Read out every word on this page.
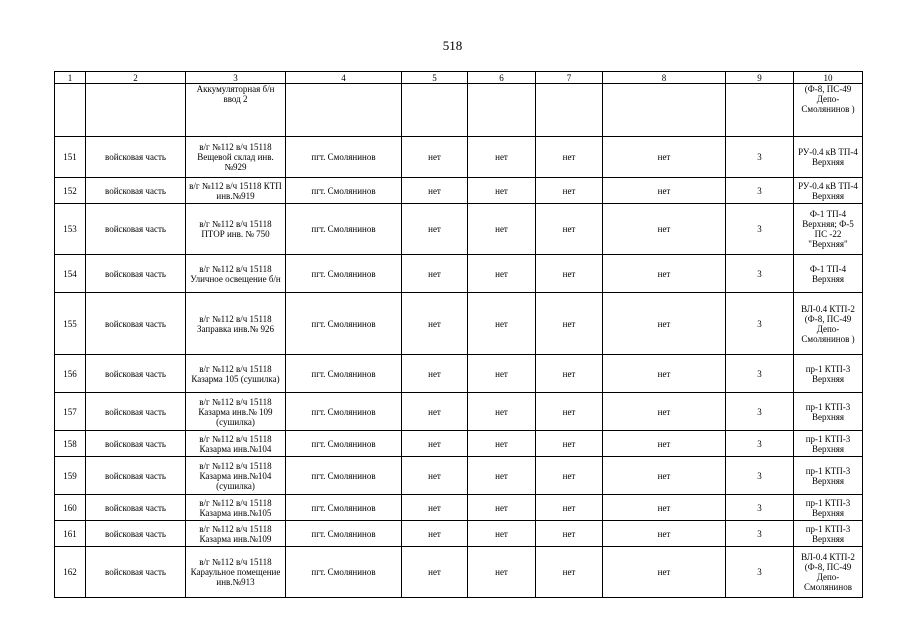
518
1	2	3	4	5	6	7	8	9	10
		Аккумуляторная б/н ввод 2							(Ф-8, ПС-49 Депо-Смолянинов )
151	войсковая часть	в/г №112 в/ч 15118 Вещевой склад инв.№929	пгт. Смолянинов	нет	нет	нет	нет	3	РУ-0.4 кВ ТП-4 Верхняя
152	войсковая часть	в/г №112 в/ч 15118 КТП инв.№919	пгт. Смолянинов	нет	нет	нет	нет	3	РУ-0.4 кВ ТП-4 Верхняя
153	войсковая часть	в/г №112 в/ч 15118 ПТОР инв. № 750	пгт. Смолянинов	нет	нет	нет	нет	3	Ф-1 ТП-4 Верхняя; Ф-5 ПС -22 "Верхняя"
154	войсковая часть	в/г №112 в/ч 15118 Уличное освещение б/н	пгт. Смолянинов	нет	нет	нет	нет	3	Ф-1 ТП-4 Верхняя
155	войсковая часть	в/г №112 в/ч 15118 Заправка инв.№ 926	пгт. Смолянинов	нет	нет	нет	нет	3	ВЛ-0.4 КТП-2 (Ф-8, ПС-49 Депо-Смолянинов )
156	войсковая часть	в/г №112 в/ч 15118 Казарма 105 (сушилка)	пгт. Смолянинов	нет	нет	нет	нет	3	пр-1 КТП-3 Верхняя
157	войсковая часть	в/г №112 в/ч 15118 Казарма инв.№ 109 (сушилка)	пгт. Смолянинов	нет	нет	нет	нет	3	пр-1 КТП-3 Верхняя
158	войсковая часть	в/г №112 в/ч 15118 Казарма инв.№104	пгт. Смолянинов	нет	нет	нет	нет	3	пр-1 КТП-3 Верхняя
159	войсковая часть	в/г №112 в/ч 15118 Казарма инв.№104 (сушилка)	пгт. Смолянинов	нет	нет	нет	нет	3	пр-1 КТП-3 Верхняя
160	войсковая часть	в/г №112 в/ч 15118 Казарма инв.№105	пгт. Смолянинов	нет	нет	нет	нет	3	пр-1 КТП-3 Верхняя
161	войсковая часть	в/г №112 в/ч 15118 Казарма инв.№109	пгт. Смолянинов	нет	нет	нет	нет	3	пр-1 КТП-3 Верхняя
162	войсковая часть	в/г №112 в/ч 15118 Караульное помещение инв.№913	пгт. Смолянинов	нет	нет	нет	нет	3	ВЛ-0.4 КТП-2 (Ф-8, ПС-49 Депо-Смолянинов
